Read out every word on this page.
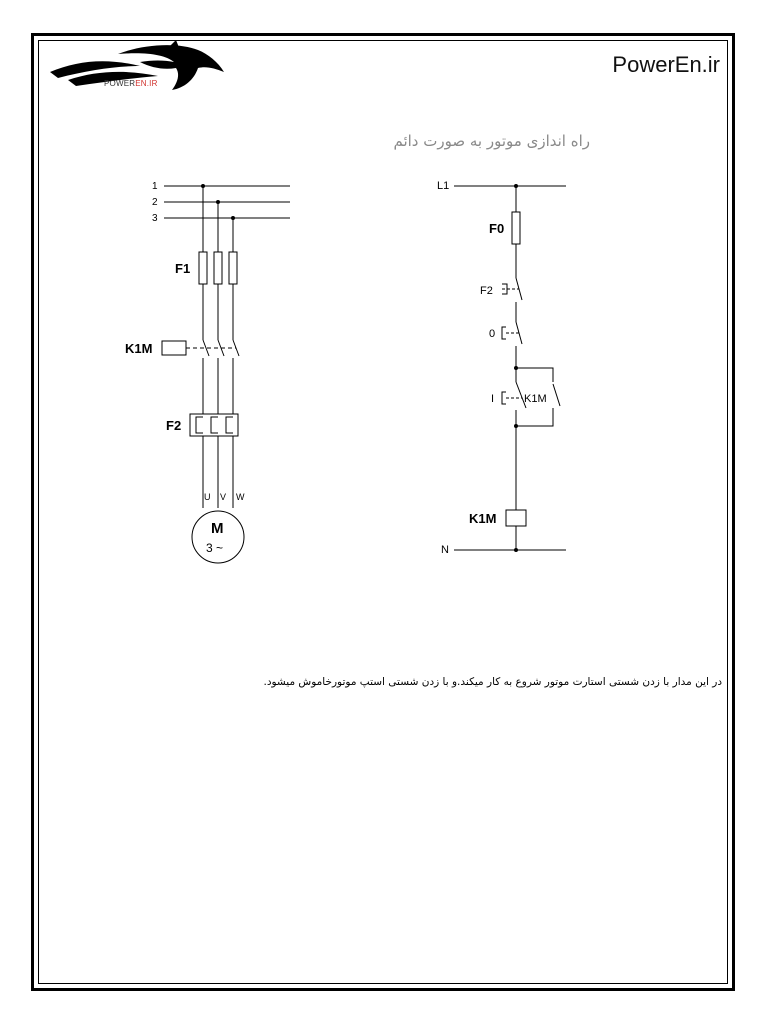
POWEREN.IR
PowerEn.ir
راه اندازی موتور به صورت دائم
1
2
3
F1
K1M
F2
F0
K1M
U V W
M
3 ~
L1
N
F2
0
I	K1M
در این مدار با زدن شستی استارت موتور شروع به کار میکند.و با زدن شستی استپ موتورخاموش میشود.
